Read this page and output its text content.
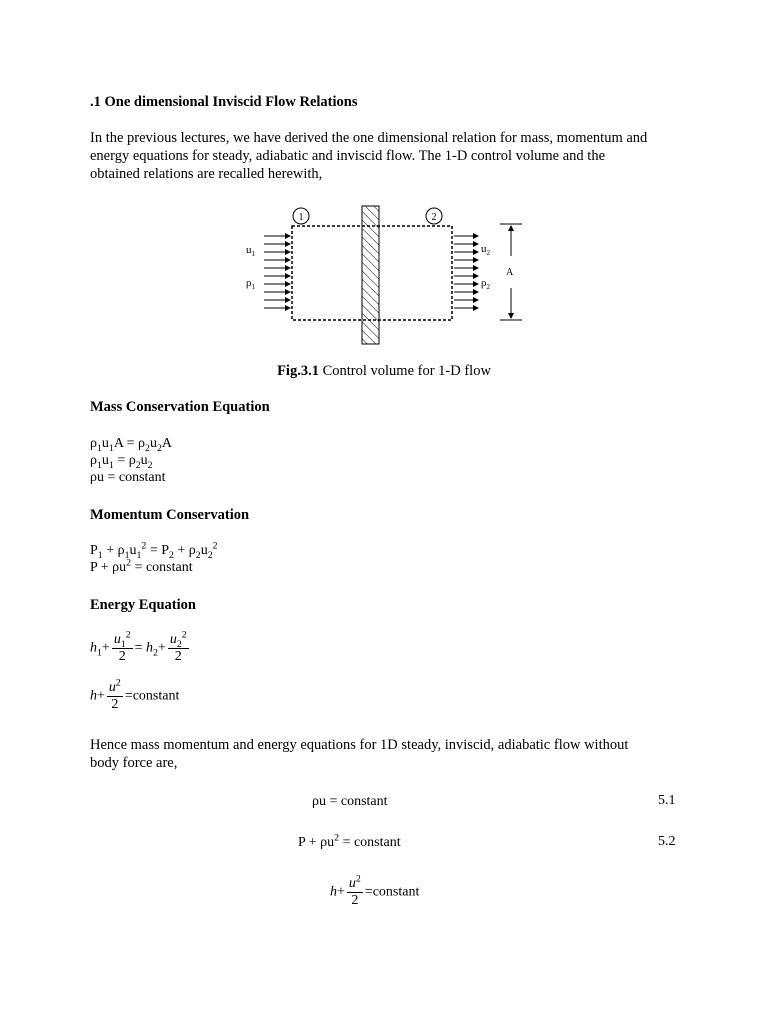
.1 One dimensional Inviscid Flow Relations
In the previous lectures, we have derived the one dimensional relation for mass, momentum and
energy equations for steady, adiabatic and inviscid flow. The 1-D control volume and the
obtained relations are recalled herewith,
1	2
$u_1$
$\rho_1$
$u_2$
$\rho_2$
A
Fig.3.1 Control volume for 1-D flow
Mass Conservation Equation
$\rho_1u_1A = \rho_2u_2A$
$\rho_1u_1 = \rho_2u_2$
ρu = constant
Momentum Conservation
$P_1 + \rho_1u_1^2 = P_2 + \rho_2u_2^2$
$P + \rho u^2$ = constant
Energy Equation
$h_1+ \frac{u_1^2}{2} = h_2+ \frac{u_2^2}{2}$
$h+ \frac{u^2}{2}$ =constant
Hence mass momentum and energy equations for 1D steady, inviscid, adiabatic flow without
body force are,
ρu = constant	5.1
$P + \rho u^2$ = constant	5.2
$h+ \frac{u^2}{2}$ =constant
